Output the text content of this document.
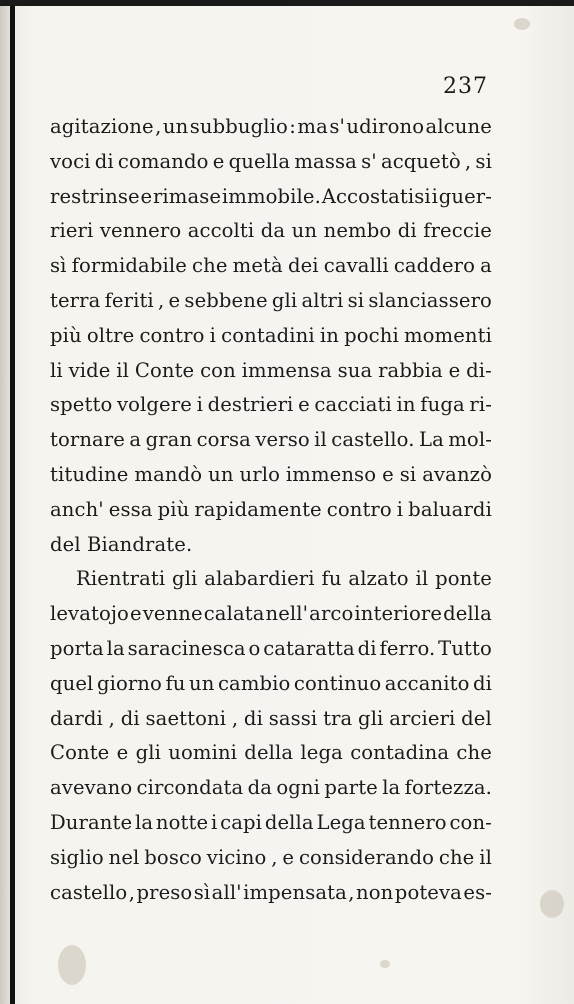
237
agitazione , un subbuglio : ma s' udirono alcune
voci di comando e quella massa s' acquetò , si
restrinse e rimase immobile. Accostatisi i guer-
rieri vennero accolti da un nembo di freccie
sì formidabile che metà dei cavalli caddero a
terra feriti , e sebbene gli altri si slanciassero
più oltre contro i contadini in pochi momenti
li vide il Conte con immensa sua rabbia e di-
spetto volgere i destrieri e cacciati in fuga ri-
tornare a gran corsa verso il castello. La mol-
titudine mandò un urlo immenso e si avanzò
anch' essa più rapidamente contro i baluardi
del Biandrate.
Rientrati gli alabardieri fu alzato il ponte
levatojo e venne calata nell' arco interiore della
porta la saracinesca o cataratta di ferro. Tutto
quel giorno fu un cambio continuo accanito di
dardi , di saettoni , di sassi tra gli arcieri del
Conte e gli uomini della lega contadina che
avevano circondata da ogni parte la fortezza.
Durante la notte i capi della Lega tennero con-
siglio nel bosco vicino , e considerando che il
castello , preso sì all' impensata , non poteva es-
